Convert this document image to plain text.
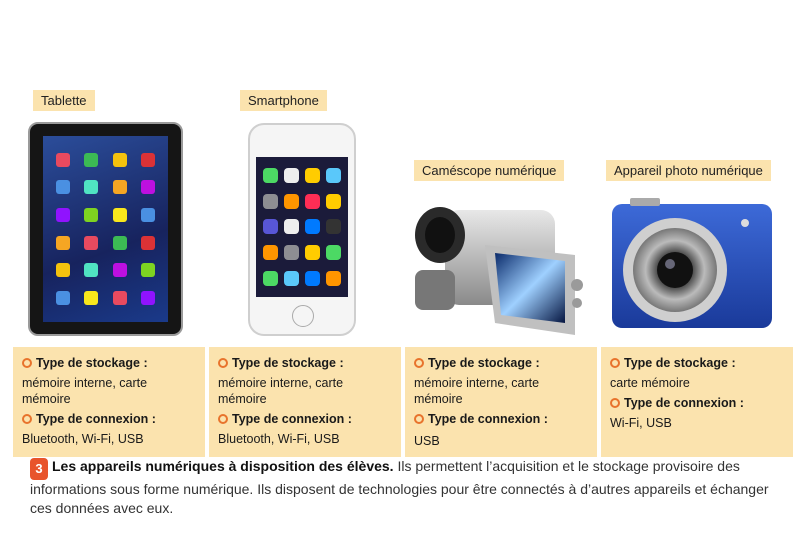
Tablette	Smartphone
Caméscope numérique	Appareil photo numérique
Type de stockage :
mémoire interne, carte mémoire
Type de connexion :
Bluetooth, Wi-Fi, USB
Type de stockage :
mémoire interne, carte mémoire
Type de connexion :
Bluetooth, Wi-Fi, USB
Type de stockage :
mémoire interne, carte mémoire
Type de connexion :
USB
Type de stockage :
carte mémoire
Type de connexion :
Wi-Fi, USB
3 Les appareils numériques à disposition des élèves. Ils permettent l’acquisition et le stockage provisoire des informations sous forme numérique. Ils disposent de technologies pour être connectés à d’autres appareils et échanger ces données avec eux.
